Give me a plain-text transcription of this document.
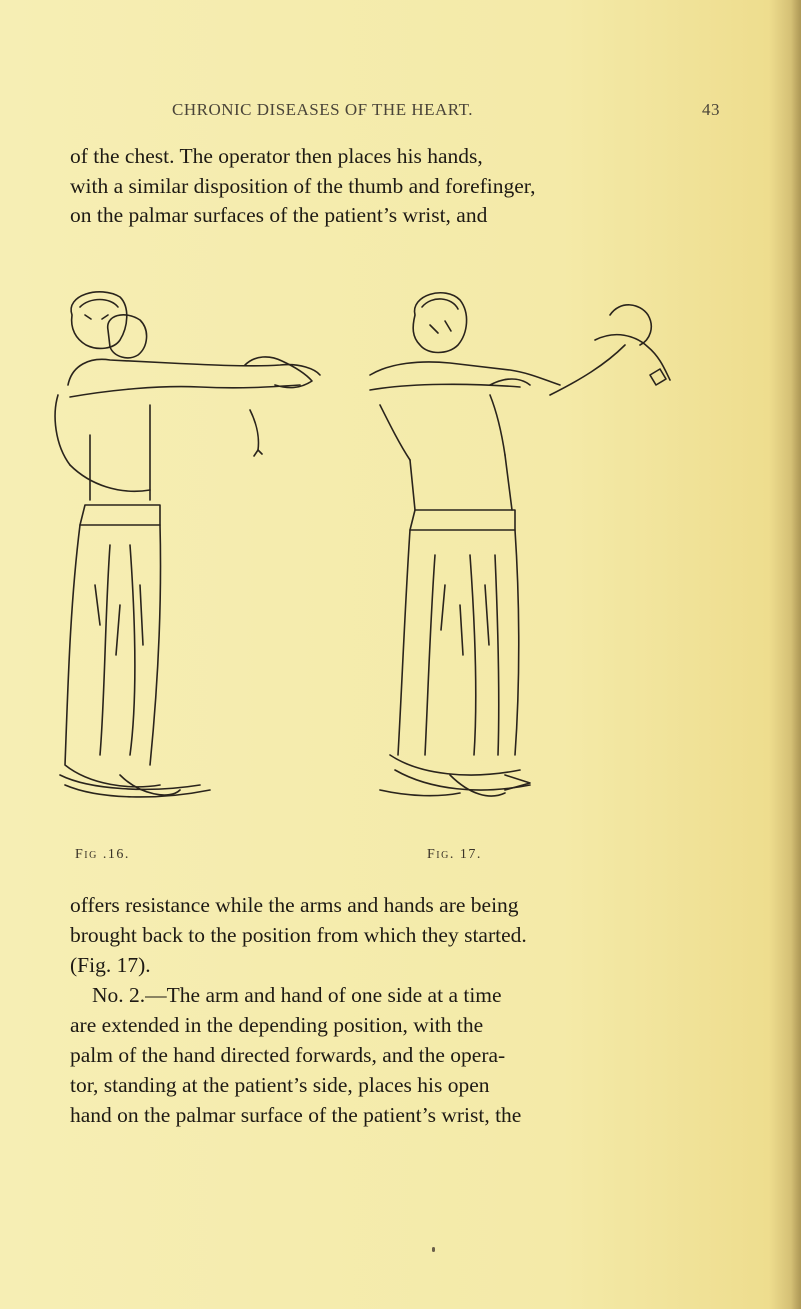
CHRONIC DISEASES OF THE HEART.	43

of the chest. The operator then places his hands,
with a similar disposition of the thumb and forefinger,
on the palmar surfaces of the patient’s wrist, and

Fig .16.	Fig. 17.

offers resistance while the arms and hands are being
brought back to the position from which they started.
(Fig. 17).
No. 2.—The arm and hand of one side at a time
are extended in the depending position, with the
palm of the hand directed forwards, and the opera-
tor, standing at the patient’s side, places his open
hand on the palmar surface of the patient’s wrist, the
